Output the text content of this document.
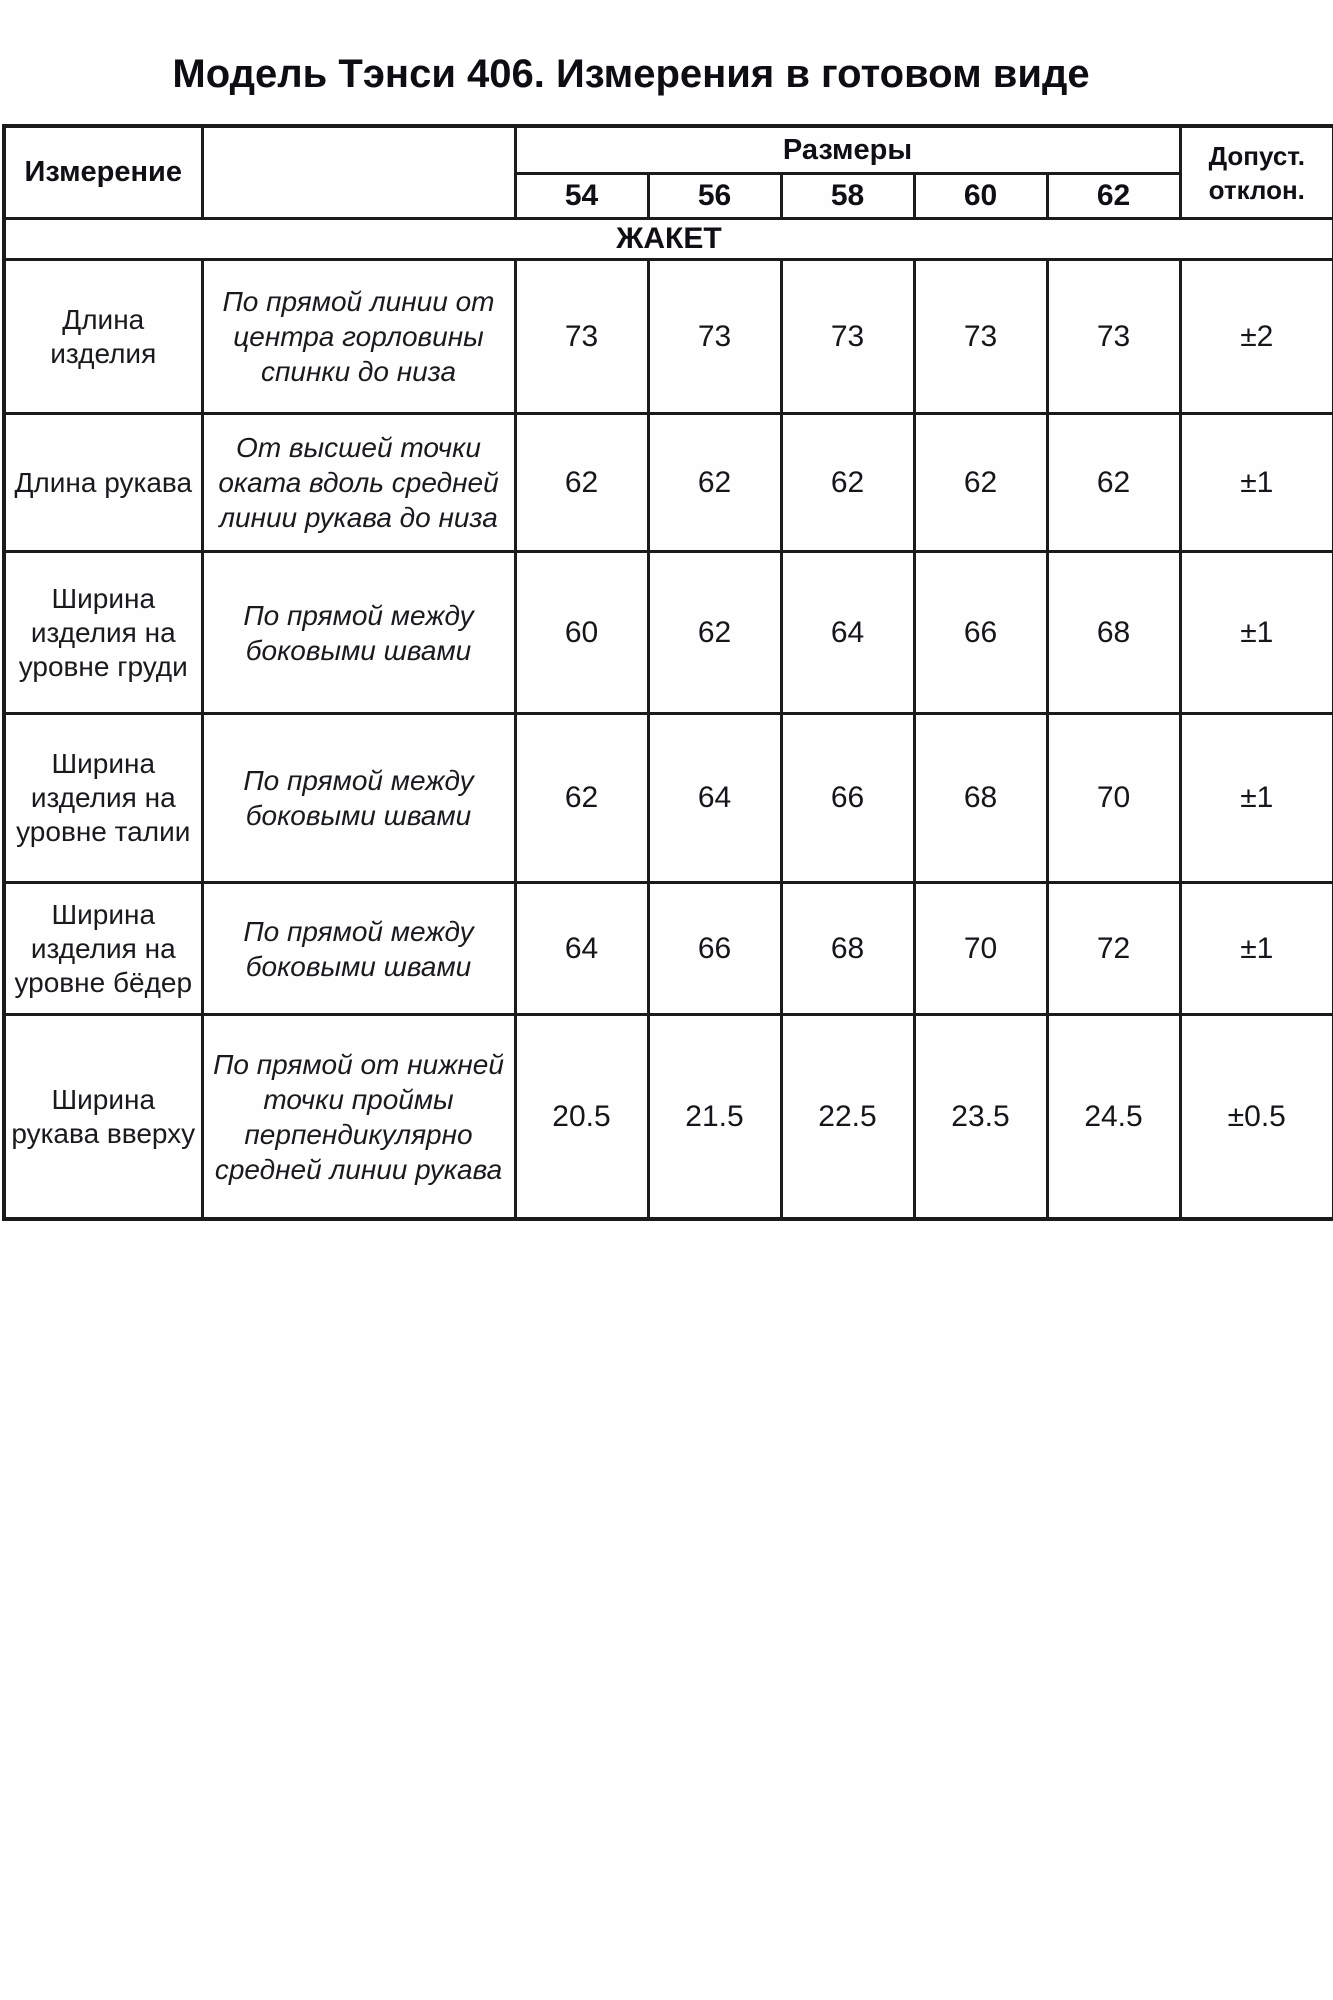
Модель Тэнси 406. Измерения в готовом виде
Измерение		Размеры					Допуст.
отклон.
		54	56	58	60	62	
ЖАКЕТ							
Длина изделия	По прямой линии от центра горловины спинки до низа	73	73	73	73	73	±2
Длина рукава	От высшей точки оката вдоль средней линии рукава до низа	62	62	62	62	62	±1
Ширина изделия на уровне груди	По прямой между боковыми швами	60	62	64	66	68	±1
Ширина изделия на уровне талии	По прямой между боковыми швами	62	64	66	68	70	±1
Ширина изделия на уровне бёдер	По прямой между боковыми швами	64	66	68	70	72	±1
Ширина рукава вверху	По прямой от нижней точки проймы перпендикулярно средней линии рукава	20.5	21.5	22.5	23.5	24.5	±0.5
